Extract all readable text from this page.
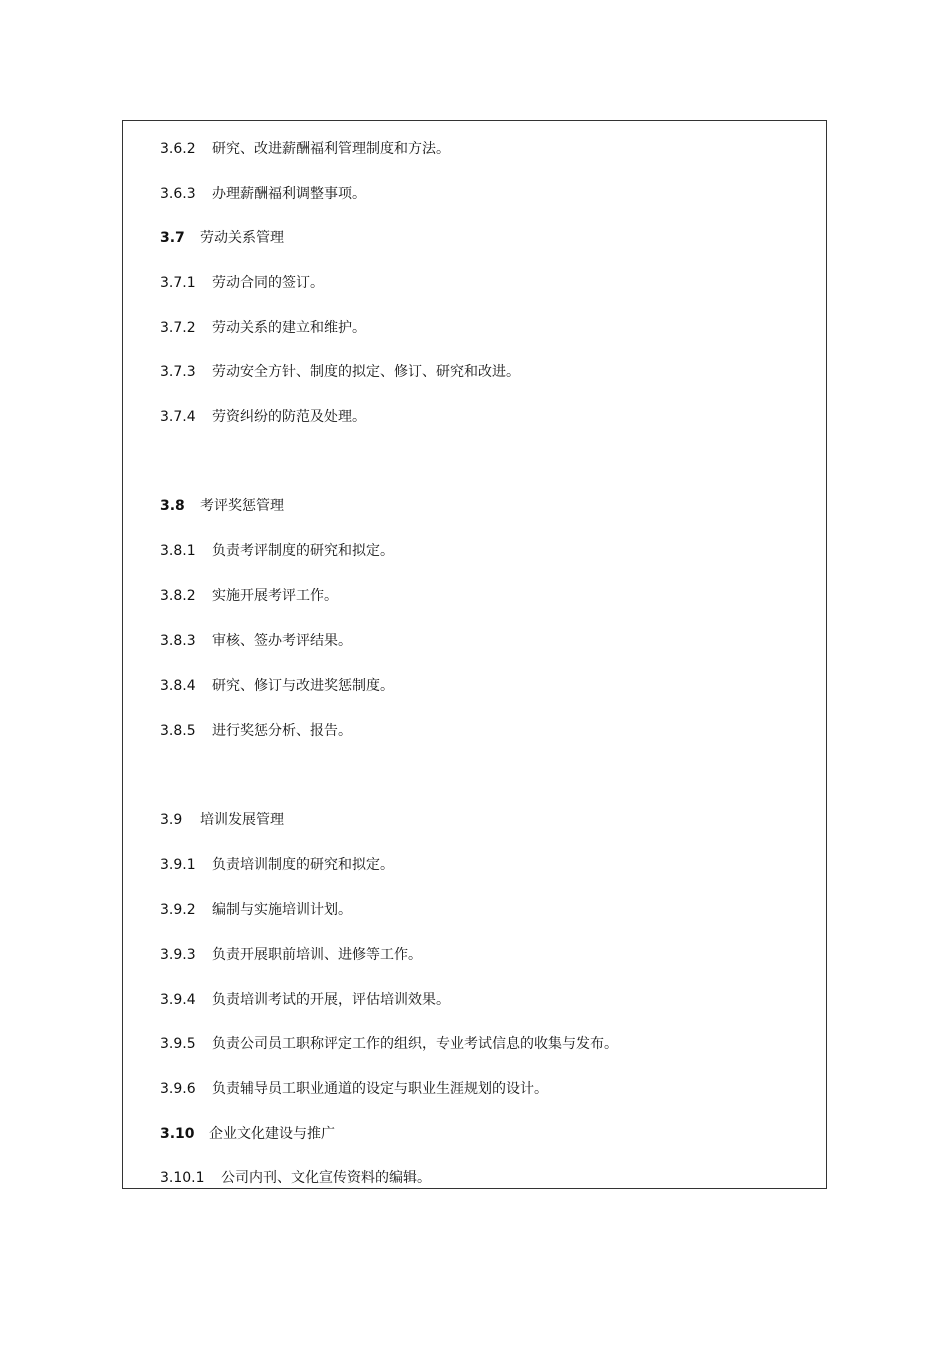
3.6.2 研究、改进薪酬福利管理制度和方法。
3.6.3 办理薪酬福利调整事项。
3.7 劳动关系管理
3.7.1 劳动合同的签订。
3.7.2 劳动关系的建立和维护。
3.7.3 劳动安全方针、制度的拟定、修订、研究和改进。
3.7.4 劳资纠纷的防范及处理。
3.8 考评奖惩管理
3.8.1 负责考评制度的研究和拟定。
3.8.2 实施开展考评工作。
3.8.3 审核、签办考评结果。
3.8.4 研究、修订与改进奖惩制度。
3.8.5 进行奖惩分析、报告。
3.9 培训发展管理
3.9.1 负责培训制度的研究和拟定。
3.9.2 编制与实施培训计划。
3.9.3 负责开展职前培训、进修等工作。
3.9.4 负责培训考试的开展，评估培训效果。
3.9.5 负责公司员工职称评定工作的组织，专业考试信息的收集与发布。
3.9.6 负责辅导员工职业通道的设定与职业生涯规划的设计。
3.10 企业文化建设与推广
3.10.1 公司内刊、文化宣传资料的编辑。
